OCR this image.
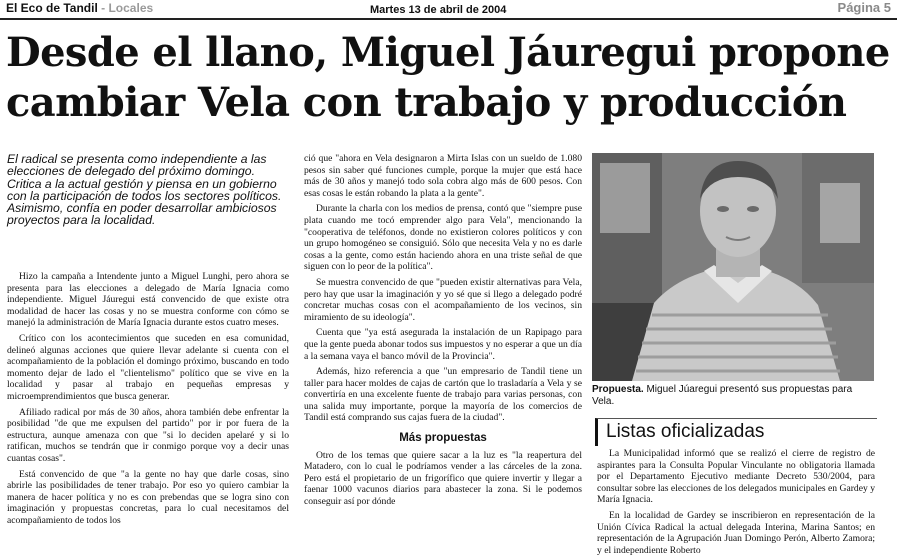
El Eco de Tandil - Locales	Martes 13 de abril de 2004	Página 5
Desde el llano, Miguel Jáuregui propone
cambiar Vela con trabajo y producción
El radical se presenta como independiente a las elecciones de delegado del próximo domingo. Critica a la actual gestión y piensa en un gobierno con la participación de todos los sectores políticos. Asimismo, confía en poder desarrollar ambiciosos proyectos para la localidad.

Hizo la campaña a Intendente junto a Miguel Lunghi, pero ahora se presenta para las elecciones a delegado de María Ignacia como independiente. Miguel Jáuregui está convencido de que existe otra modalidad de hacer las cosas y no se muestra conforme con cómo se manejó la administración de María Ignacia durante estos cuatro meses.

Crítico con los acontecimientos que suceden en esa comunidad, delineó algunas acciones que quiere llevar adelante si cuenta con el acompañamiento de la población el domingo próximo, buscando en todo momento dejar de lado el "clientelismo" político que se vive en la localidad y pasar al trabajo en pequeñas empresas y microemprendimientos que busca generar.

Afiliado radical por más de 30 años, ahora también debe enfrentar la posibilidad "de que me expulsen del partido" por ir por fuera de la estructura, aunque amenaza con que "si lo deciden apelaré y si lo ratifican, muchos se tendrán que ir conmigo porque voy a decir unas cuantas cosas".

Está convencido de que "a la gente no hay que darle cosas, sino abrirle las posibilidades de tener trabajo. Por eso yo quiero cambiar la manera de hacer política y no es con prebendas que se logra sino con imaginación y propuestas concretas, para lo cual necesitamos del acompañamiento de todos los

ció que "ahora en Vela designaron a Mirta Islas con un sueldo de 1.080 pesos sin saber qué funciones cumple, porque la mujer que está hace más de 30 años y manejó todo sola cobra algo más de 600 pesos. Con esas cosas le están robando la plata a la gente".

Durante la charla con los medios de prensa, contó que "siempre puse plata cuando me tocó emprender algo para Vela", mencionando la "cooperativa de teléfonos, donde no existieron colores políticos y con un grupo homogéneo se consiguió. Sólo que necesita Vela y no es darle cosas a la gente, como están haciendo ahora en una triste señal de que siguen con lo peor de la política".

Se muestra convencido de que "pueden existir alternativas para Vela, pero hay que usar la imaginación y yo sé que si llego a delegado podré concretar muchas cosas con el acompañamiento de los vecinos, sin miramiento de su ideología".

Cuenta que "ya está asegurada la instalación de un Rapipago para que la gente pueda abonar todos sus impuestos y no esperar a que un día a la semana vaya el banco móvil de la Provincia".

Además, hizo referencia a que "un empresario de Tandil tiene un taller para hacer moldes de cajas de cartón que lo trasladaría a Vela y se convertiría en una excelente fuente de trabajo para varias personas, con una salida muy importante, porque la mayoría de los comercios de Tandil está comprando sus cajas fuera de la ciudad".

Más propuestas

Otro de los temas que quiere sacar a la luz es "la reapertura del Matadero, con lo cual le podríamos vender a las cárceles de la zona. Pero está el propietario de un frigorífico que quiere invertir y llegar a faenar 1000 vacunos diarios para abastecer la zona. Si le podemos conseguir así por dónde

Propuesta. Miguel Júaregui presentó sus propuestas para Vela.
Listas oficializadas

La Municipalidad informó que se realizó el cierre de registro de aspirantes para la Consulta Popular Vinculante no obligatoria llamada por el Departamento Ejecutivo mediante Decreto 530/2004, para consultar sobre las elecciones de los delegados municipales en Gardey y María Ignacia.

En la localidad de Gardey se inscribieron en representación de la Unión Cívica Radical la actual delegada Interina, Marina Santos; en representación de la Agrupación Juan Domingo Perón, Alberto Zamora; y el independiente Roberto
